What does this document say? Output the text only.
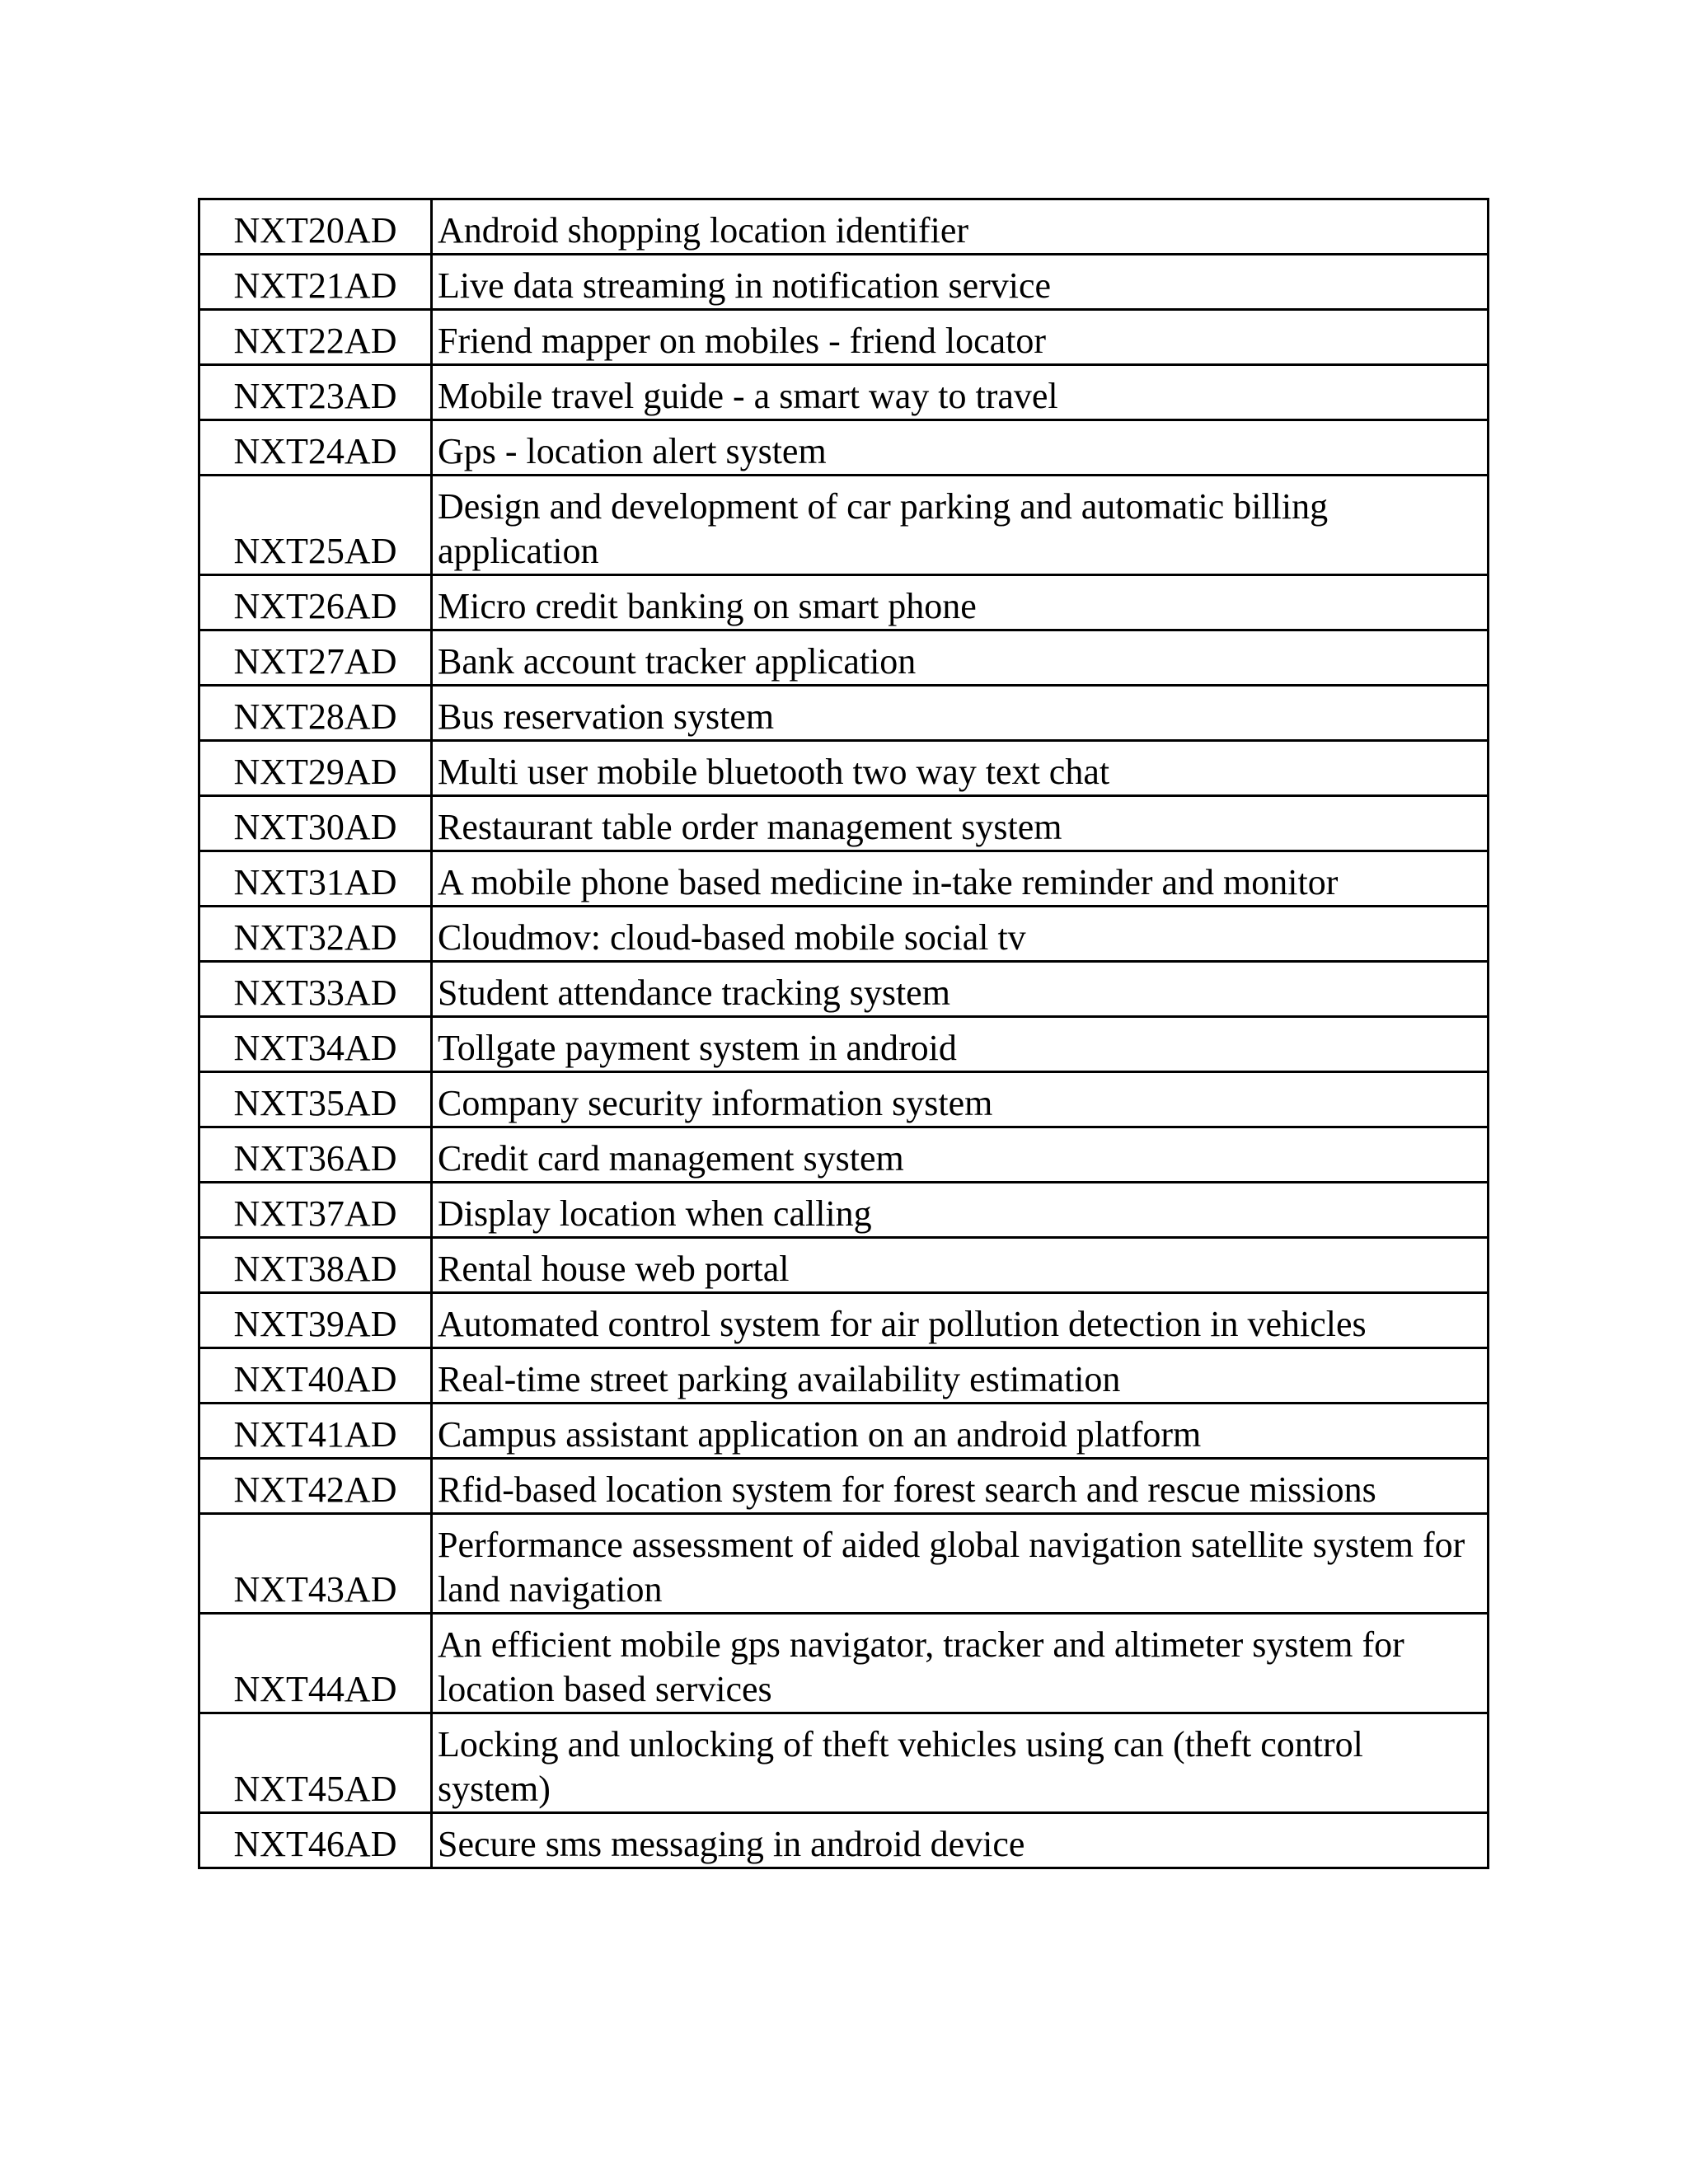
NXT20AD	Android shopping location identifier
NXT21AD	Live data streaming in notification service
NXT22AD	Friend mapper on mobiles - friend locator
NXT23AD	Mobile travel guide - a smart way to travel
NXT24AD	Gps - location alert system
NXT25AD	Design and development of car parking and automatic billing application
NXT26AD	Micro credit banking on smart phone
NXT27AD	Bank account tracker application
NXT28AD	Bus reservation system
NXT29AD	Multi user mobile bluetooth two way text chat
NXT30AD	Restaurant table order management system
NXT31AD	A mobile phone based medicine in-take reminder and monitor
NXT32AD	Cloudmov: cloud-based mobile social tv
NXT33AD	Student attendance tracking system
NXT34AD	Tollgate payment system in android
NXT35AD	Company security information system
NXT36AD	Credit card management system
NXT37AD	Display location when calling
NXT38AD	Rental house web portal
NXT39AD	Automated control system for air pollution detection in vehicles
NXT40AD	Real-time street parking availability estimation
NXT41AD	Campus assistant application on an android platform
NXT42AD	Rfid-based location system for forest search and rescue missions
NXT43AD	Performance assessment of aided global navigation satellite system for land navigation
NXT44AD	An efficient mobile gps navigator, tracker and altimeter system for location based services
NXT45AD	Locking and unlocking of theft vehicles using can (theft control system)
NXT46AD	Secure sms messaging in android device
